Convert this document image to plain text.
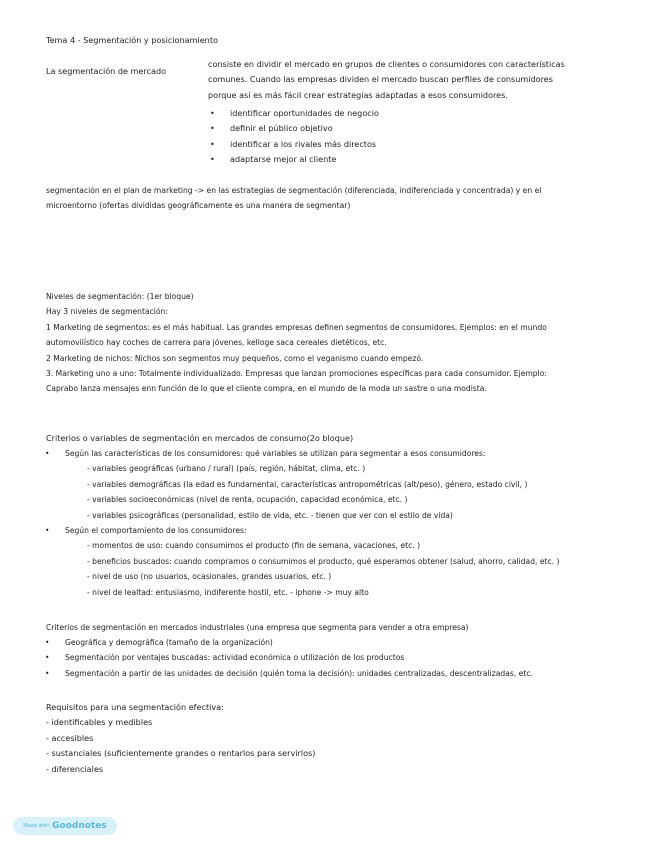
Tema 4 - Segmentación y posicionamiento
La segmentación de mercado
consiste en dividir el mercado en grupos de clientes o consumidores con características
comunes. Cuando las empresas dividen el mercado buscan perfiles de consumidores
porque así es más fácil crear estrategias adaptadas a esos consumidores.
• identificar oportunidades de negocio
• definir el público objetivo
• identificar a los rivales más directos
• adaptarse mejor al cliente
segmentación en el plan de marketing -> en las estrategias de segmentación (diferenciada, indiferenciada y concentrada) y en el
microentorno (ofertas divididas geográficamente es una manera de segmentar)
Niveles de segmentación: (1er bloque)
Hay 3 niveles de segmentación:
1 Marketing de segmentos: es el más habitual. Las grandes empresas definen segmentos de consumidores. Ejemplos: en el mundo
automovilístico hay coches de carrera para jóvenes, kelloge saca cereales dietéticos, etc.
2 Marketing de nichos: Nichos son segmentos muy pequeños, como el veganismo cuando empezó.
3. Marketing uno a uno: Totalmente individualizado. Empresas que lanzan promociones específicas para cada consumidor. Ejemplo:
Caprabo lanza mensajes enn función de lo que el cliente compra, en el mundo de la moda un sastre o una modista.
Criterios o variables de segmentación en mercados de consumo(2o bloque)
• Según las características de los consumidores: qué variables se utilizan para segmentar a esos consumidores:
- variables geográficas (urbano / rural) (país, región, hábitat, clima, etc. )
- variables demográficas (la edad es fundamental, características antropométricas (alt/peso), género, estado civil, )
- variables socioeconómicas (nivel de renta, ocupación, capacidad económica, etc. )
- variables psicográficas (personalidad, estilo de vida, etc. - tienen que ver con el estilo de vida)
• Según el comportamiento de los consumidores:
- momentos de uso: cuando consumimos el producto (fin de semana, vacaciones, etc. )
- beneficios buscados: cuando compramos o consumimos el producto, qué esperamos obtener (salud, ahorro, calidad, etc. )
- nivel de uso (no usuarios, ocasionales, grandes usuarios, etc. )
- nivel de lealtad: entusiasmo, indiferente hostil, etc. - iphone -> muy alto
Criterios de segmentación en mercados industriales (una empresa que segmenta para vender a otra empresa)
• Geográfica y demográfica (tamaño de la organización)
• Segmentación por ventajes buscadas: actividad económica o utilización de los productos
• Segmentación a partir de las unidades de decisión (quién toma la decisión): unidades centralizadas, descentralizadas, etc.
Requisitos para una segmentación efectiva:
- identificables y medibles
- accesibles
- sustanciales (suficientemente grandes o rentarlos para servirlos)
- diferenciales
Made with Goodnotes
